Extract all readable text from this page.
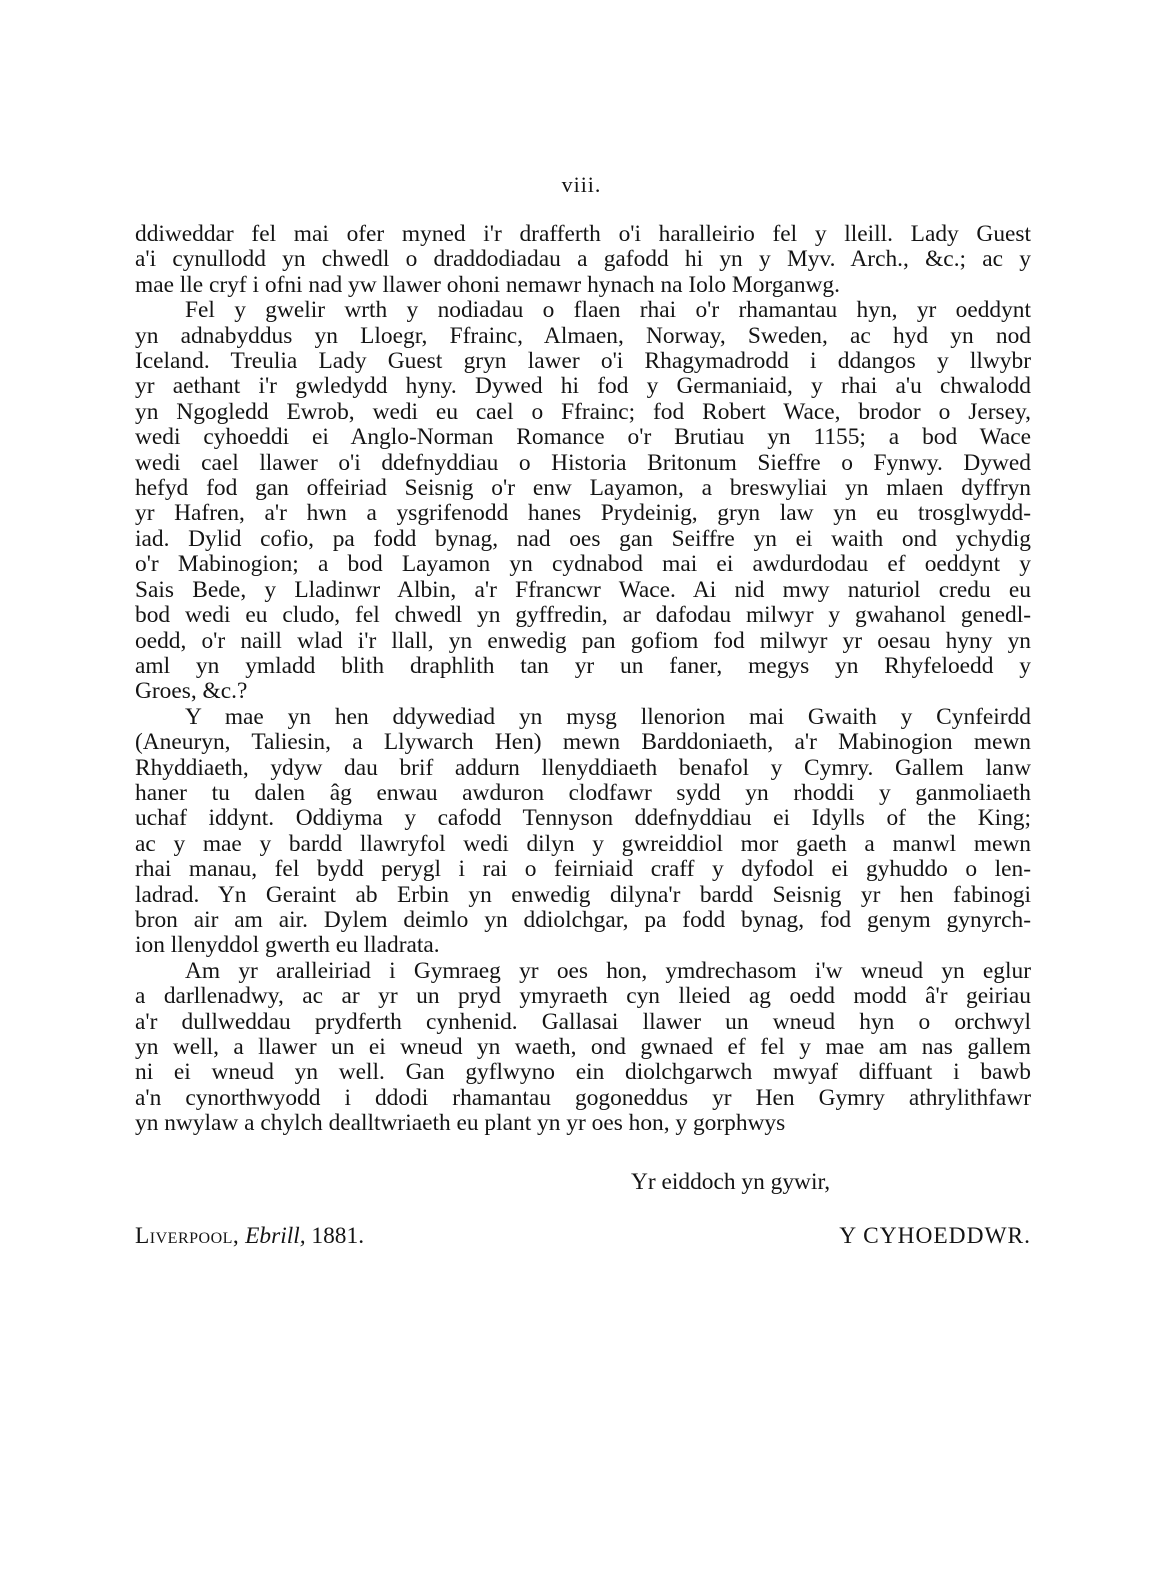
viii.

ddiweddar fel mai ofer myned i'r drafferth o'i haralleirio fel y lleill. Lady Guest
a'i cynullodd yn chwedl o draddodiadau a gafodd hi yn y Myv. Arch., &c.; ac y
mae lle cryf i ofni nad yw llawer ohoni nemawr hynach na Iolo Morganwg.

Fel y gwelir wrth y nodiadau o flaen rhai o'r rhamantau hyn, yr oeddynt
yn adnabyddus yn Lloegr, Ffrainc, Almaen, Norway, Sweden, ac hyd yn nod
Iceland. Treulia Lady Guest gryn lawer o'i Rhagymadrodd i ddangos y llwybr
yr aethant i'r gwledydd hyny. Dywed hi fod y Germaniaid, y rhai a'u chwalodd
yn Ngogledd Ewrob, wedi eu cael o Ffrainc; fod Robert Wace, brodor o Jersey,
wedi cyhoeddi ei Anglo-Norman Romance o'r Brutiau yn 1155; a bod Wace
wedi cael llawer o'i ddefnyddiau o Historia Britonum Sieffre o Fynwy. Dywed
hefyd fod gan offeiriad Seisnig o'r enw Layamon, a breswyliai yn mlaen dyffryn
yr Hafren, a'r hwn a ysgrifenodd hanes Prydeinig, gryn law yn eu trosglwydd-
iad. Dylid cofio, pa fodd bynag, nad oes gan Seiffre yn ei waith ond ychydig
o'r Mabinogion; a bod Layamon yn cydnabod mai ei awdurdodau ef oeddynt y
Sais Bede, y Lladinwr Albin, a'r Ffrancwr Wace. Ai nid mwy naturiol credu eu
bod wedi eu cludo, fel chwedl yn gyffredin, ar dafodau milwyr y gwahanol genedl-
oedd, o'r naill wlad i'r llall, yn enwedig pan gofiom fod milwyr yr oesau hyny yn
aml yn ymladd blith draphlith tan yr un faner, megys yn Rhyfeloedd y
Groes, &c.?

Y mae yn hen ddywediad yn mysg llenorion mai Gwaith y Cynfeirdd
(Aneuryn, Taliesin, a Llywarch Hen) mewn Barddoniaeth, a'r Mabinogion mewn
Rhyddiaeth, ydyw dau brif addurn llenyddiaeth benafol y Cymry. Gallem lanw
haner tu dalen âg enwau awduron clodfawr sydd yn rhoddi y ganmoliaeth
uchaf iddynt. Oddiyma y cafodd Tennyson ddefnyddiau ei Idylls of the King;
ac y mae y bardd llawryfol wedi dilyn y gwreiddiol mor gaeth a manwl mewn
rhai manau, fel bydd perygl i rai o feirniaid craff y dyfodol ei gyhuddo o len-
ladrad. Yn Geraint ab Erbin yn enwedig dilyna'r bardd Seisnig yr hen fabinogi
bron air am air. Dylem deimlo yn ddiolchgar, pa fodd bynag, fod genym gynyrch-
ion llenyddol gwerth eu lladrata.

Am yr aralleiriad i Gymraeg yr oes hon, ymdrechasom i'w wneud yn eglur
a darllenadwy, ac ar yr un pryd ymyraeth cyn lleied ag oedd modd â'r geiriau
a'r dullweddau prydferth cynhenid. Gallasai llawer un wneud hyn o orchwyl
yn well, a llawer un ei wneud yn waeth, ond gwnaed ef fel y mae am nas gallem
ni ei wneud yn well. Gan gyflwyno ein diolchgarwch mwyaf diffuant i bawb
a'n cynorthwyodd i ddodi rhamantau gogoneddus yr Hen Gymry athrylithfawr
yn nwylaw a chylch dealltwriaeth eu plant yn yr oes hon, y gorphwys

Yr eiddoch yn gywir,
Liverpool, Ebrill, 1881.	Y CYHOEDDWR.
